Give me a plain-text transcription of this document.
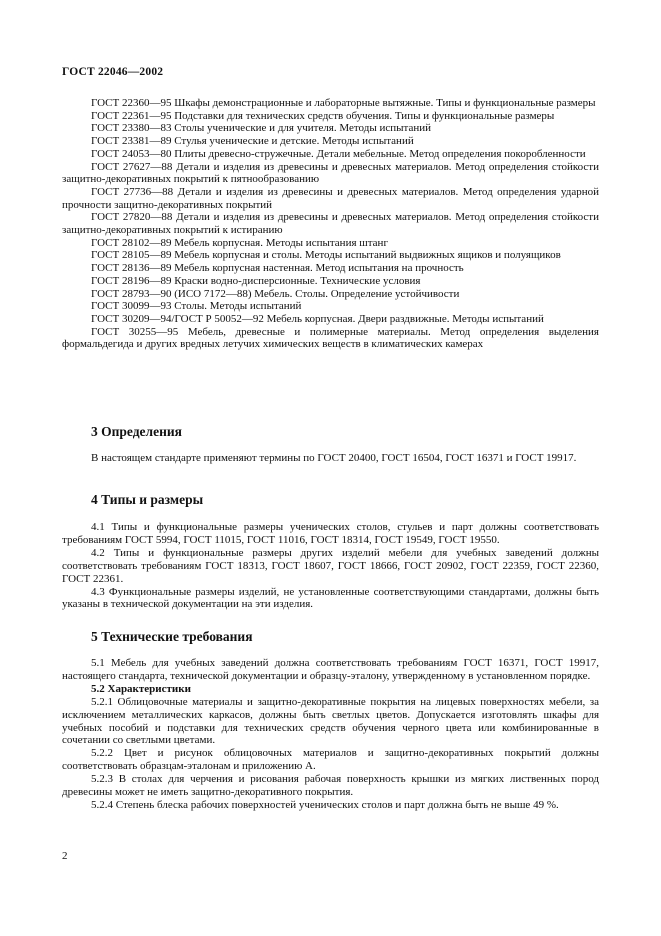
ГОСТ 22046—2002

ГОСТ 22360—95 Шкафы демонстрационные и лабораторные вытяжные. Типы и функциональные размеры

ГОСТ 22361—95 Подставки для технических средств обучения. Типы и функциональные размеры

ГОСТ 23380—83 Столы ученические и для учителя. Методы испытаний

ГОСТ 23381—89 Стулья ученические и детские. Методы испытаний

ГОСТ 24053—80 Плиты древесно-стружечные. Детали мебельные. Метод определения покоробленности

ГОСТ 27627—88 Детали и изделия из древесины и древесных материалов. Метод определения стойкости защитно-декоративных покрытий к пятнообразованию

ГОСТ 27736—88 Детали и изделия из древесины и древесных материалов. Метод определения ударной прочности защитно-декоративных покрытий

ГОСТ 27820—88 Детали и изделия из древесины и древесных материалов. Метод определения стойкости защитно-декоративных покрытий к истиранию

ГОСТ 28102—89 Мебель корпусная. Методы испытания штанг

ГОСТ 28105—89 Мебель корпусная и столы. Методы испытаний выдвижных ящиков и полуящиков

ГОСТ 28136—89 Мебель корпусная настенная. Метод испытания на прочность

ГОСТ 28196—89 Краски водно-дисперсионные. Технические условия

ГОСТ 28793—90 (ИСО 7172—88) Мебель. Столы. Определение устойчивости

ГОСТ 30099—93 Столы. Методы испытаний

ГОСТ 30209—94/ГОСТ Р 50052—92 Мебель корпусная. Двери раздвижные. Методы испытаний

ГОСТ 30255—95 Мебель, древесные и полимерные материалы. Метод определения выделения формальдегида и других вредных летучих химических веществ в климатических камерах

3 Определения

В настоящем стандарте применяют термины по ГОСТ 20400, ГОСТ 16504, ГОСТ 16371 и ГОСТ 19917.

4 Типы и размеры

4.1 Типы и функциональные размеры ученических столов, стульев и парт должны соответствовать требованиям ГОСТ 5994, ГОСТ 11015, ГОСТ 11016, ГОСТ 18314, ГОСТ 19549, ГОСТ 19550.

4.2 Типы и функциональные размеры других изделий мебели для учебных заведений должны соответствовать требованиям ГОСТ 18313, ГОСТ 18607, ГОСТ 18666, ГОСТ 20902, ГОСТ 22359, ГОСТ 22360, ГОСТ 22361.

4.3 Функциональные размеры изделий, не установленные соответствующими стандартами, должны быть указаны в технической документации на эти изделия.

5 Технические требования

5.1 Мебель для учебных заведений должна соответствовать требованиям ГОСТ 16371, ГОСТ 19917, настоящего стандарта, технической документации и образцу-эталону, утвержденному в установленном порядке.

5.2 Характеристики

5.2.1 Облицовочные материалы и защитно-декоративные покрытия на лицевых поверхностях мебели, за исключением металлических каркасов, должны быть светлых цветов. Допускается изготовлять шкафы для учебных пособий и подставки для технических средств обучения черного цвета или комбинированные в сочетании со светлыми цветами.

5.2.2 Цвет и рисунок облицовочных материалов и защитно-декоративных покрытий должны соответствовать образцам-эталонам и приложению А.

5.2.3 В столах для черчения и рисования рабочая поверхность крышки из мягких лиственных пород древесины может не иметь защитно-декоративного покрытия.

5.2.4 Степень блеска рабочих поверхностей ученических столов и парт должна быть не выше 49 %.

2
